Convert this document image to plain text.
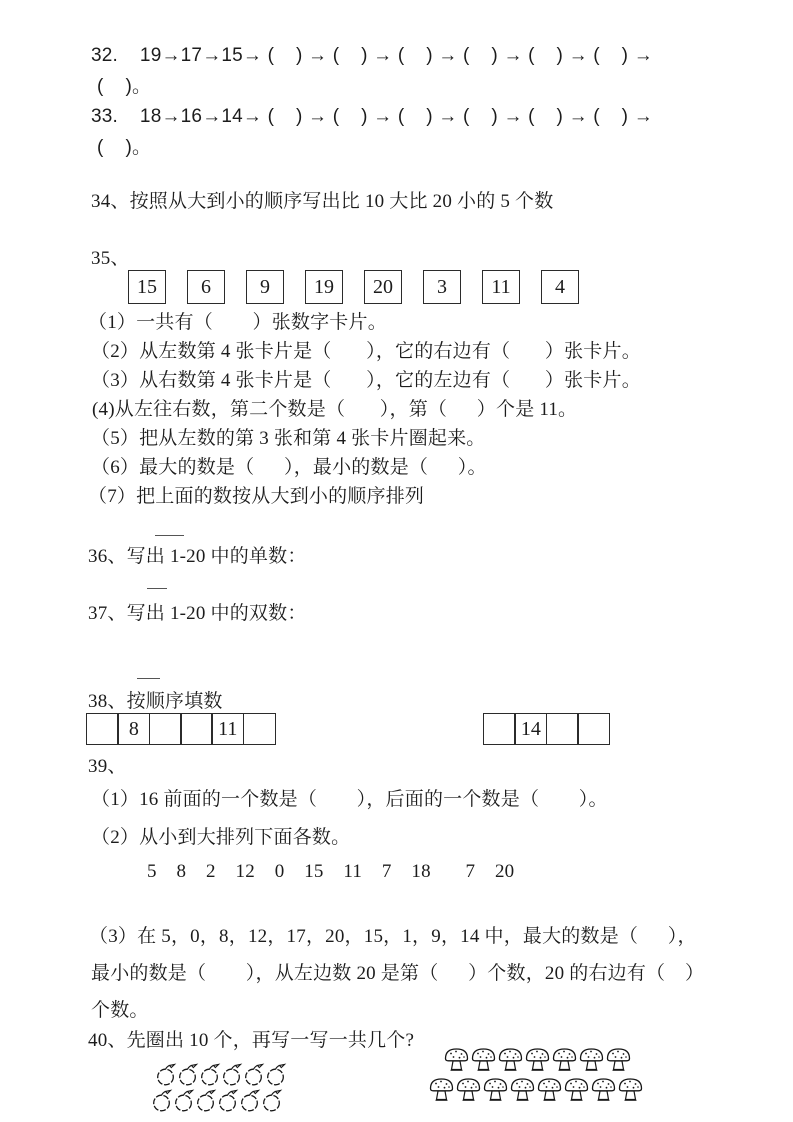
32.    19→17→15→ (    ) → (    ) → (    ) → (    ) → (    ) → (    ) →
(    )。
33.    18→16→14→ (    ) → (    ) → (    ) → (    ) → (    ) → (    ) →
(    )。
34、按照从大到小的顺序写出比 10 大比 20 小的 5 个数
35、
15	6	9	19	20	3	11	4
（1）一共有（        ）张数字卡片。
（2）从左数第 4 张卡片是（       ），它的右边有（       ）张卡片。
（3）从右数第 4 张卡片是（       ），它的左边有（       ）张卡片。
(4)从左往右数，第二个数是（       ），第（      ）个是 11。
（5）把从左数的第 3 张和第 4 张卡片圈起来。
（6）最大的数是（      ），最小的数是（      ）。
（7）把上面的数按从大到小的顺序排列
36、写出 1-20 中的单数：
37、写出 1-20 中的双数：
38、按顺序填数
8	11	14
39、
（1）16 前面的一个数是（        ），后面的一个数是（        ）。
（2）从小到大排列下面各数。
5    8    2    12    0    15    11    7    18       7    20
（3）在 5，0，8，12，17，20，15，1，9，14 中，最大的数是（      ），
最小的数是（        ），从左边数 20 是第（      ）个数，20 的右边有（    ）
个数。
40、先圈出 10 个，再写一写一共几个?
